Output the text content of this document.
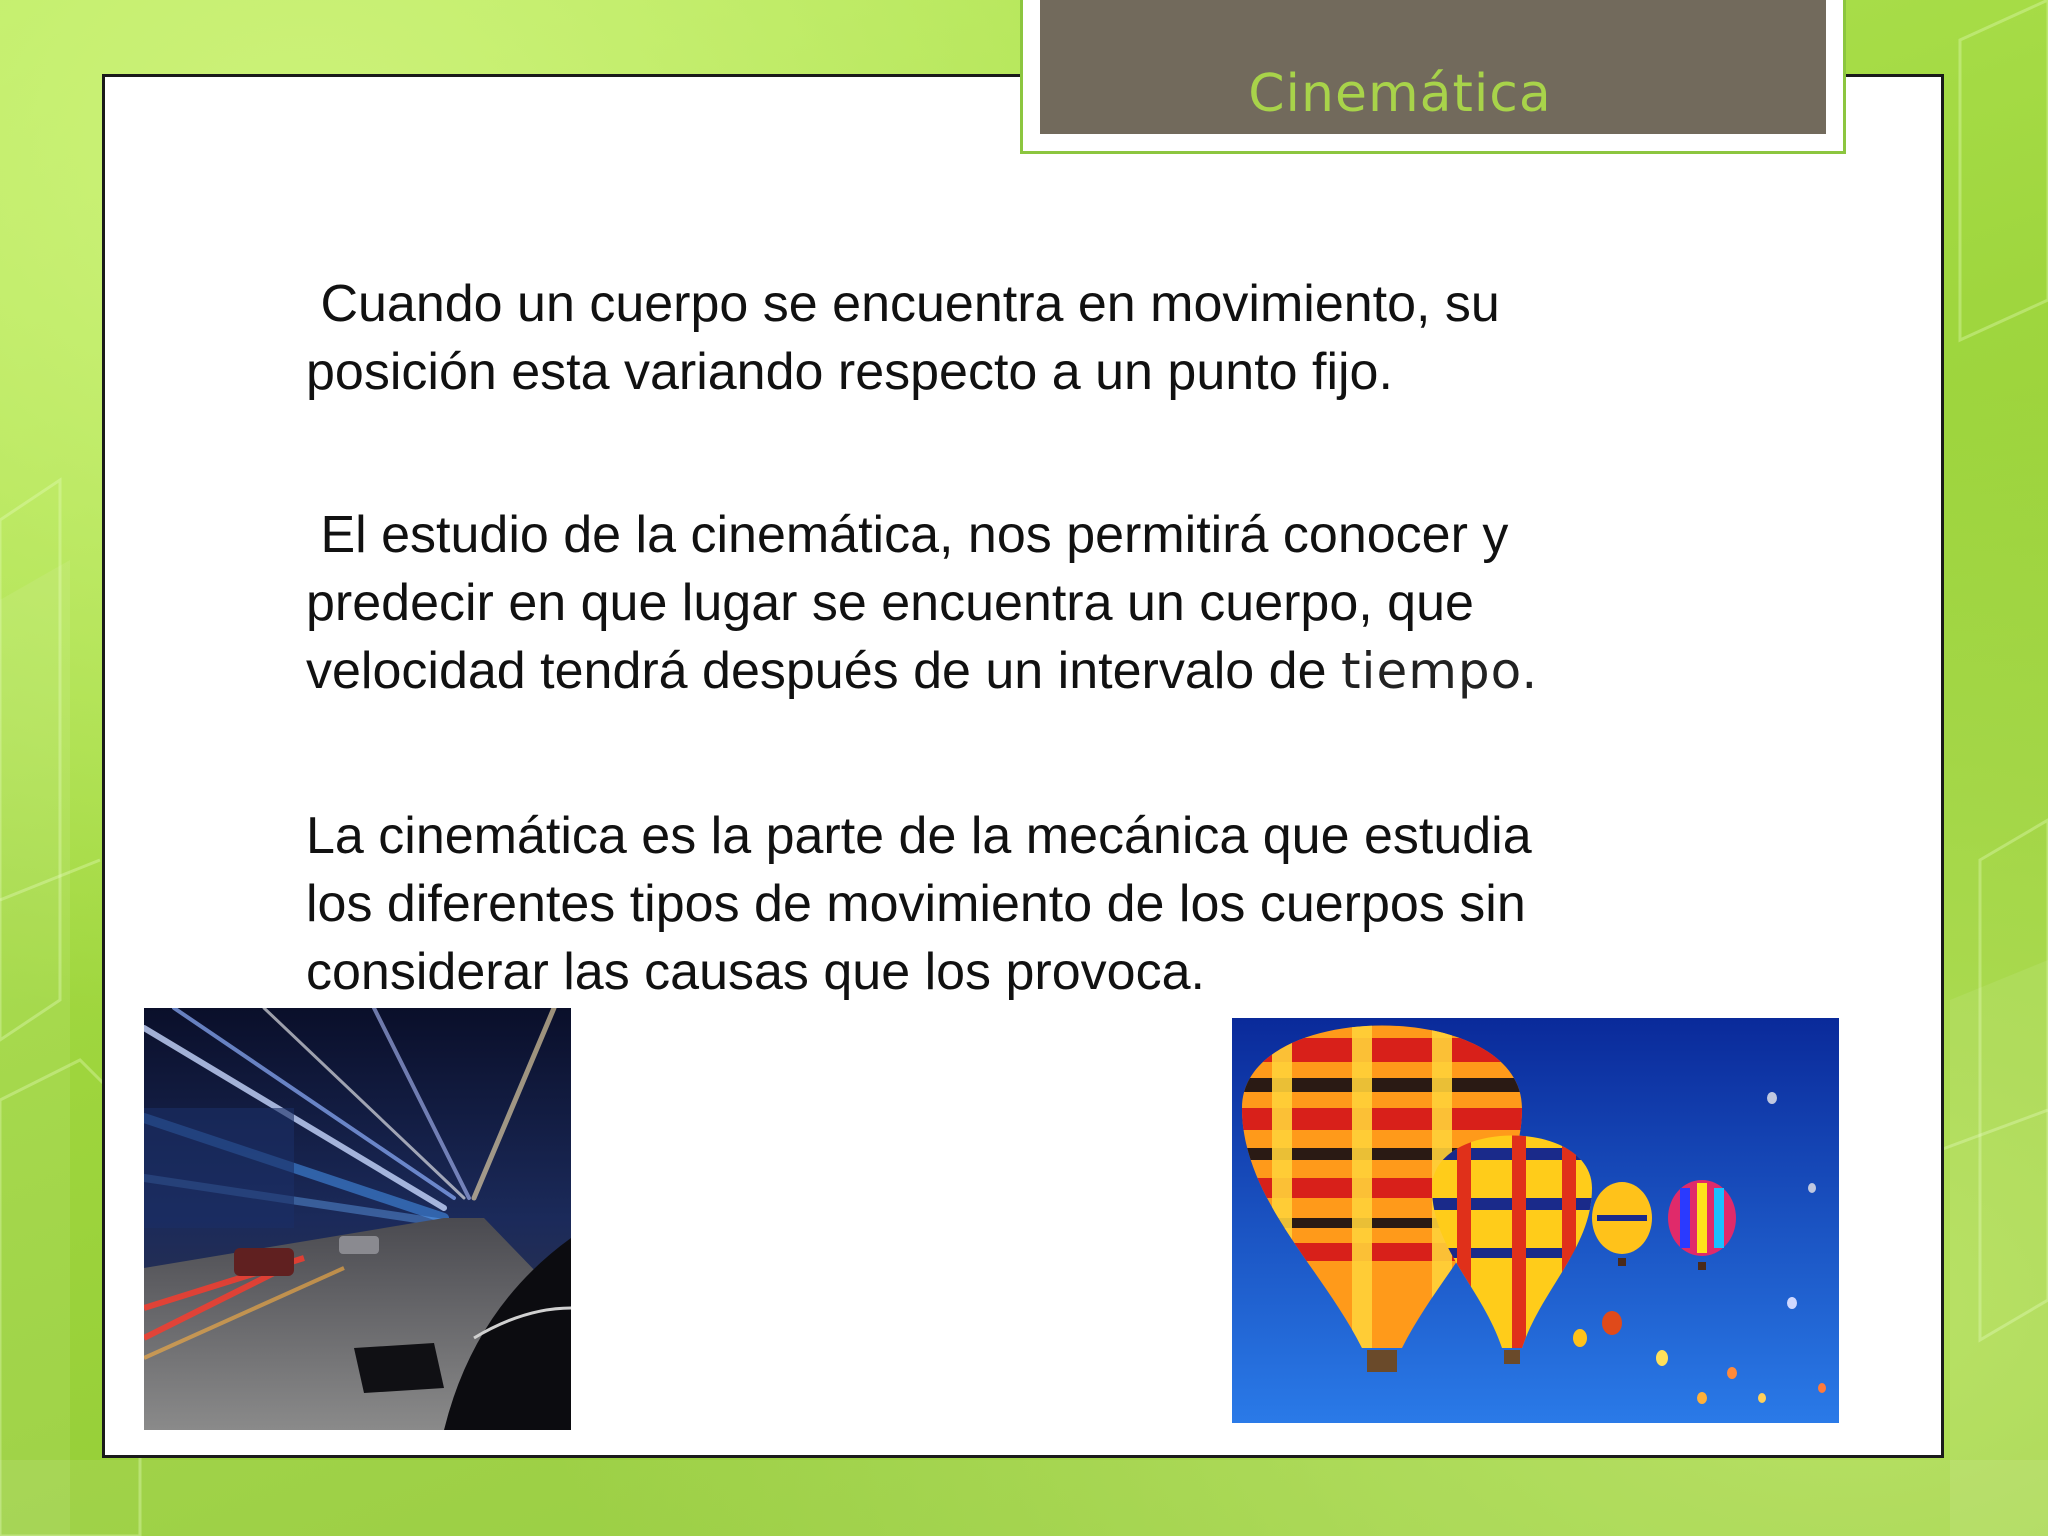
Cinemática

Cuando un cuerpo se encuentra en movimiento, su
posición esta variando respecto a un punto fijo.

El estudio de la cinemática, nos permitirá conocer y
predecir en que lugar se encuentra un cuerpo, que
velocidad tendrá después de un intervalo de tiempo.

La cinemática es la parte de la mecánica que estudia
los diferentes tipos de movimiento de los cuerpos sin
considerar las causas que los provoca.
